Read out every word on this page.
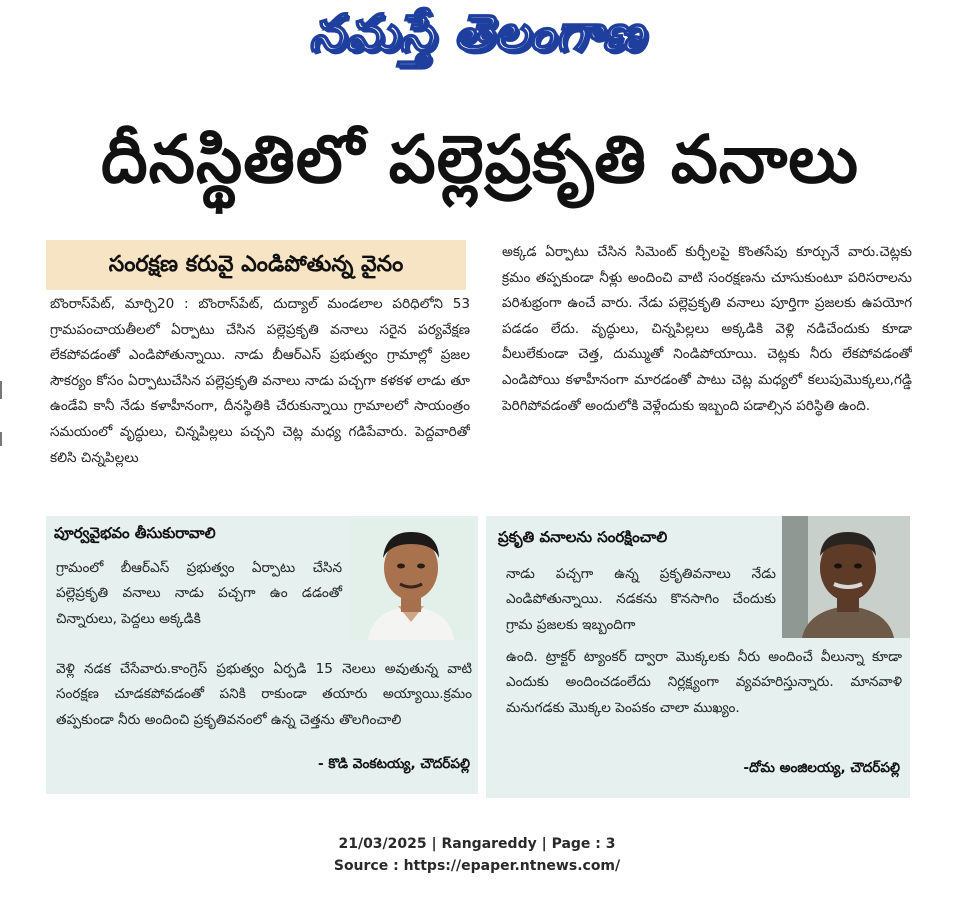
నమస్తే తెలంగాణ
దీనస్థితిలో పల్లెప్రకృతి వనాలు
సంరక్షణ కరువై ఎండిపోతున్న వైనం
బొంరాస్‌పేట్, మార్చి20 : బొంరాస్‌పేట్, దుద్యాల్ మండలాల పరిధిలోని 53 గ్రామపంచాయతీలలో ఏర్పాటు చేసిన పల్లెప్రకృతి వనాలు సరైన పర్యవేక్షణ లేకపోవడంతో ఎండిపోతున్నాయి. నాడు బీఆర్ఎస్ ప్రభుత్వం గ్రామాల్లో ప్రజల సౌకర్యం కోసం ఏర్పాటుచేసిన పల్లెప్రకృతి వనాలు నాడు పచ్చగా కళకళ లాడు తూ ఉండేవి కానీ నేడు కళాహీనంగా, దీనస్థితికి చేరుకున్నాయి గ్రామాలలో సాయంత్రం సమయంలో వృద్ధులు, చిన్నపిల్లలు పచ్చని చెట్ల మధ్య గడిపేవారు. పెద్దవారితో కలిసి చిన్నపిల్లలు
అక్కడ ఏర్పాటు చేసిన సిమెంట్ కుర్చీలపై కొంతసేపు కూర్చునే వారు.చెట్లకు క్రమం తప్పకుండా నీళ్లు అందించి వాటి సంరక్షణను చూసుకుంటూ పరిసరాలను పరిశుభ్రంగా ఉంచే వారు. నేడు పల్లెప్రకృతి వనాలు పూర్తిగా ప్రజలకు ఉపయోగ పడడం లేదు. వృద్ధులు, చిన్నపిల్లలు అక్కడికి వెళ్లి నడిచేందుకు కూడా వీలులేకుండా చెత్త, దుమ్ముతో నిండిపోయాయి. చెట్లకు నీరు లేకపోవడంతో ఎండిపోయి కళాహీనంగా మారడంతో పాటు చెట్ల మధ్యలో కలుపుమొక్కలు,గడ్డి పెరిగిపోవడంతో అందులోకి వెళ్లేందుకు ఇబ్బంది పడాల్సిన పరిస్థితి ఉంది.
పూర్వవైభవం తీసుకురావాలి
గ్రామంలో బీఆర్ఎస్ ప్రభుత్వం ఏర్పాటు చేసిన పల్లెప్రకృతి వనాలు నాడు పచ్చగా ఉం డడంతో చిన్నారులు, పెద్దలు అక్కడికి
వెళ్లి నడక చేసేవారు.కాంగ్రెస్ ప్రభుత్వం ఏర్పడి 15 నెలలు అవుతున్న వాటి సంరక్షణ చూడకపోవడంతో పనికి రాకుండా తయారు అయ్యాయి.క్రమం తప్పకుండా నీరు అందించి ప్రకృతివనంలో ఉన్న చెత్తను తొలగించాలి
- కొడి వెంకటయ్య, చౌదర్‌పల్లి
ప్రకృతి వనాలను సంరక్షించాలి
నాడు పచ్చగా ఉన్న ప్రకృతివనాలు నేడు ఎండిపోతున్నాయి. నడకను కొనసాగిం చేందుకు గ్రామ ప్రజలకు ఇబ్బందిగా
ఉంది. ట్రాక్టర్ ట్యాంకర్ ద్వారా మొక్కలకు నీరు అందించే వీలున్నా కూడా ఎందుకు అందించడంలేదు నిర్లక్ష్యంగా వ్యవహరిస్తున్నారు. మానవాళి మనుగడకు మొక్కల పెంపకం చాలా ముఖ్యం.
-దోమ అంజిలయ్య, చౌదర్‌పల్లి
21/03/2025 | Rangareddy | Page : 3
Source : https://epaper.ntnews.com/
